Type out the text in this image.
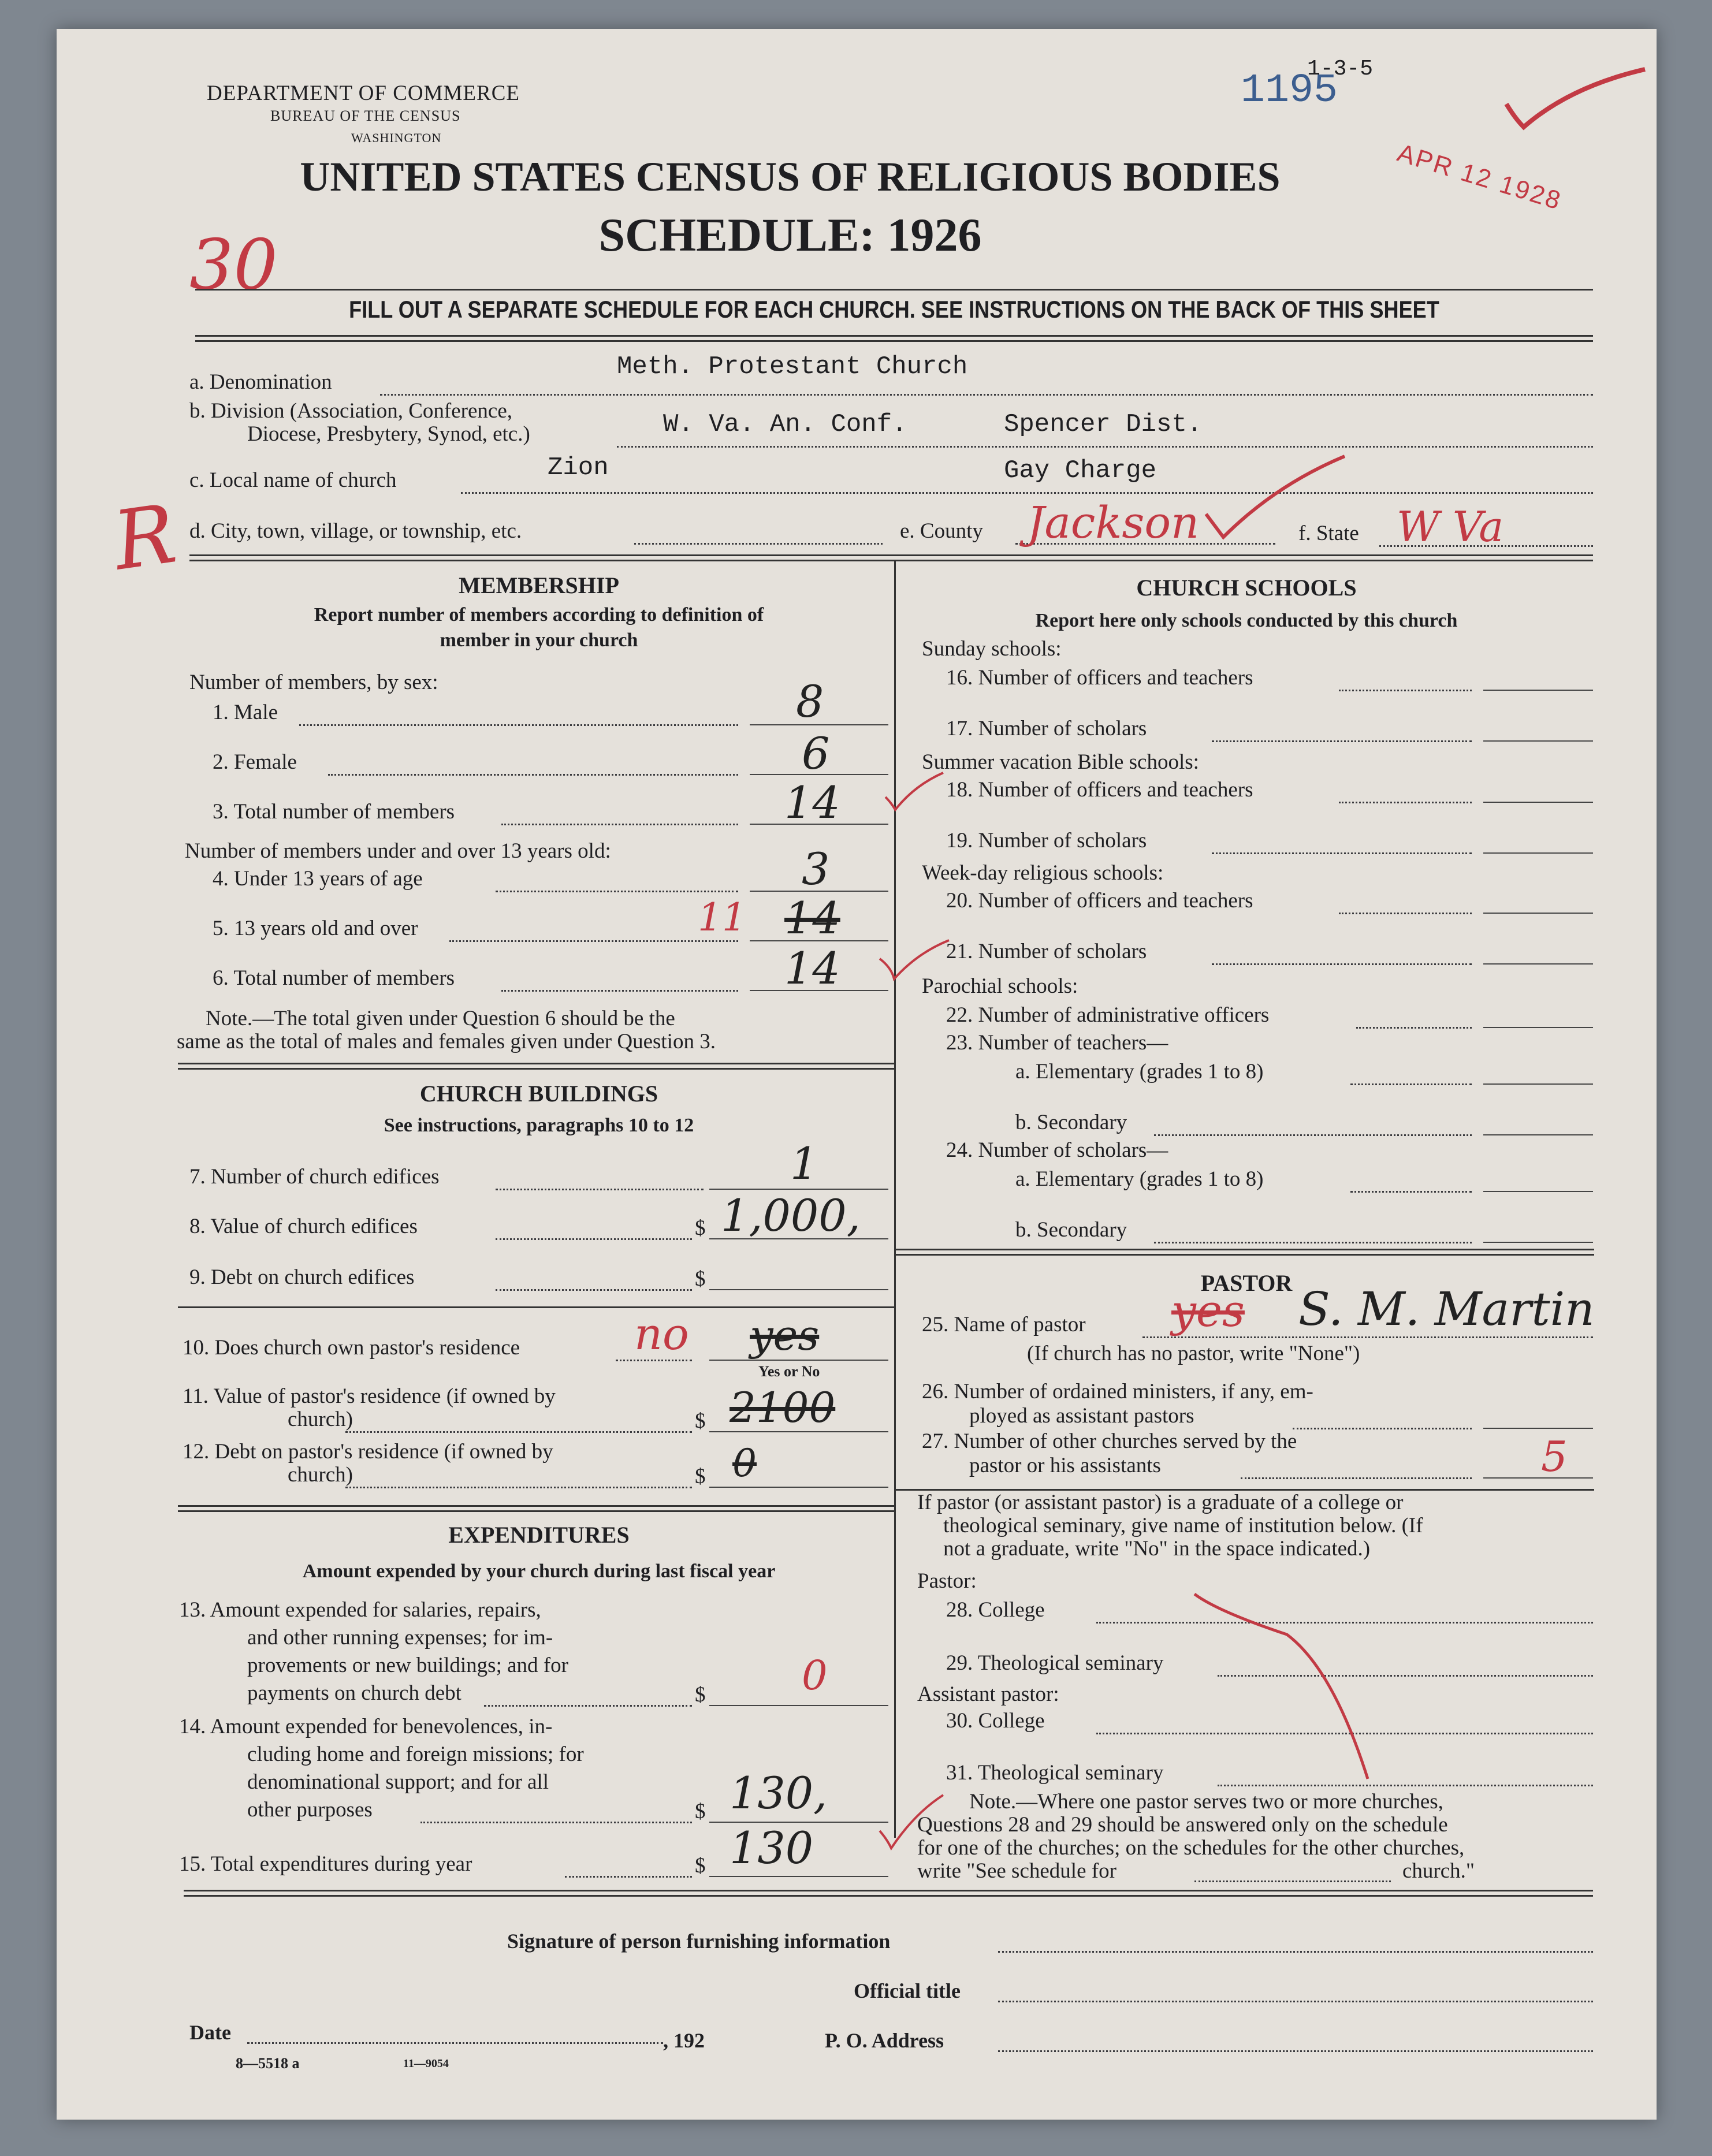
DEPARTMENT OF COMMERCE
BUREAU OF THE CENSUS
WASHINGTON
1195
1-3-5
APR 12 1928
UNITED STATES CENSUS OF RELIGIOUS BODIES
SCHEDULE: 1926
30
FILL OUT A SEPARATE SCHEDULE FOR EACH CHURCH. SEE INSTRUCTIONS ON THE BACK OF THIS SHEET
a. Denomination
Meth. Protestant Church
b. Division (Association, Conference,
Diocese, Presbytery, Synod, etc.)	W. Va. An. Conf.	Spencer Dist.
c. Local name of church	Zion	Gay Charge
d. City, town, village, or township, etc.	e. County Jackson	f. State W Va
R	MEMBERSHIP
Report number of members according to definition of
member in your church
Number of members, by sex:
1. Male	8
2. Female	6
3. Total number of members	14
Number of members under and over 13 years old:
4. Under 13 years of age	3
5. 13 years old and over	11 14
6. Total number of members	14
Note.—The total given under Question 6 should be the
same as the total of males and females given under Question 3.
CHURCH BUILDINGS
See instructions, paragraphs 10 to 12
7. Number of church edifices	1
8. Value of church edifices	$ 1,000,
9. Debt on church edifices	$
10. Does church own pastor's residence	no yes
Yes or No
11. Value of pastor's residence (if owned by
church)	$ 2100
12. Debt on pastor's residence (if owned by
church)	$ 0
EXPENDITURES
Amount expended by your church during last fiscal year
13. Amount expended for salaries, repairs,
and other running expenses; for im-
provements or new buildings; and for
payments on church debt	$ 0
14. Amount expended for benevolences, in-
cluding home and foreign missions; for
denominational support; and for all
other purposes	$ 130,
15. Total expenditures during year	$ 130
CHURCH SCHOOLS
Report here only schools conducted by this church
Sunday schools:
16. Number of officers and teachers
17. Number of scholars
Summer vacation Bible schools:
18. Number of officers and teachers
19. Number of scholars
Week-day religious schools:
20. Number of officers and teachers
21. Number of scholars
Parochial schools:
22. Number of administrative officers
23. Number of teachers—
a. Elementary (grades 1 to 8)
b. Secondary
24. Number of scholars—
a. Elementary (grades 1 to 8)
b. Secondary
PASTOR
25. Name of pastor yes S. M. Martin
(If church has no pastor, write "None")
26. Number of ordained ministers, if any, em-
ployed as assistant pastors
27. Number of other churches served by the
pastor or his assistants	5
If pastor (or assistant pastor) is a graduate of a college or
theological seminary, give name of institution below. (If
not a graduate, write "No" in the space indicated.)
Pastor:
28. College
29. Theological seminary
Assistant pastor:
30. College
31. Theological seminary
Note.—Where one pastor serves two or more churches,
Questions 28 and 29 should be answered only on the schedule
for one of the churches; on the schedules for the other churches,
write "See schedule for	church."
Signature of person furnishing information
Official title
Date	, 192	P. O. Address
8—5518 a	11—9054
